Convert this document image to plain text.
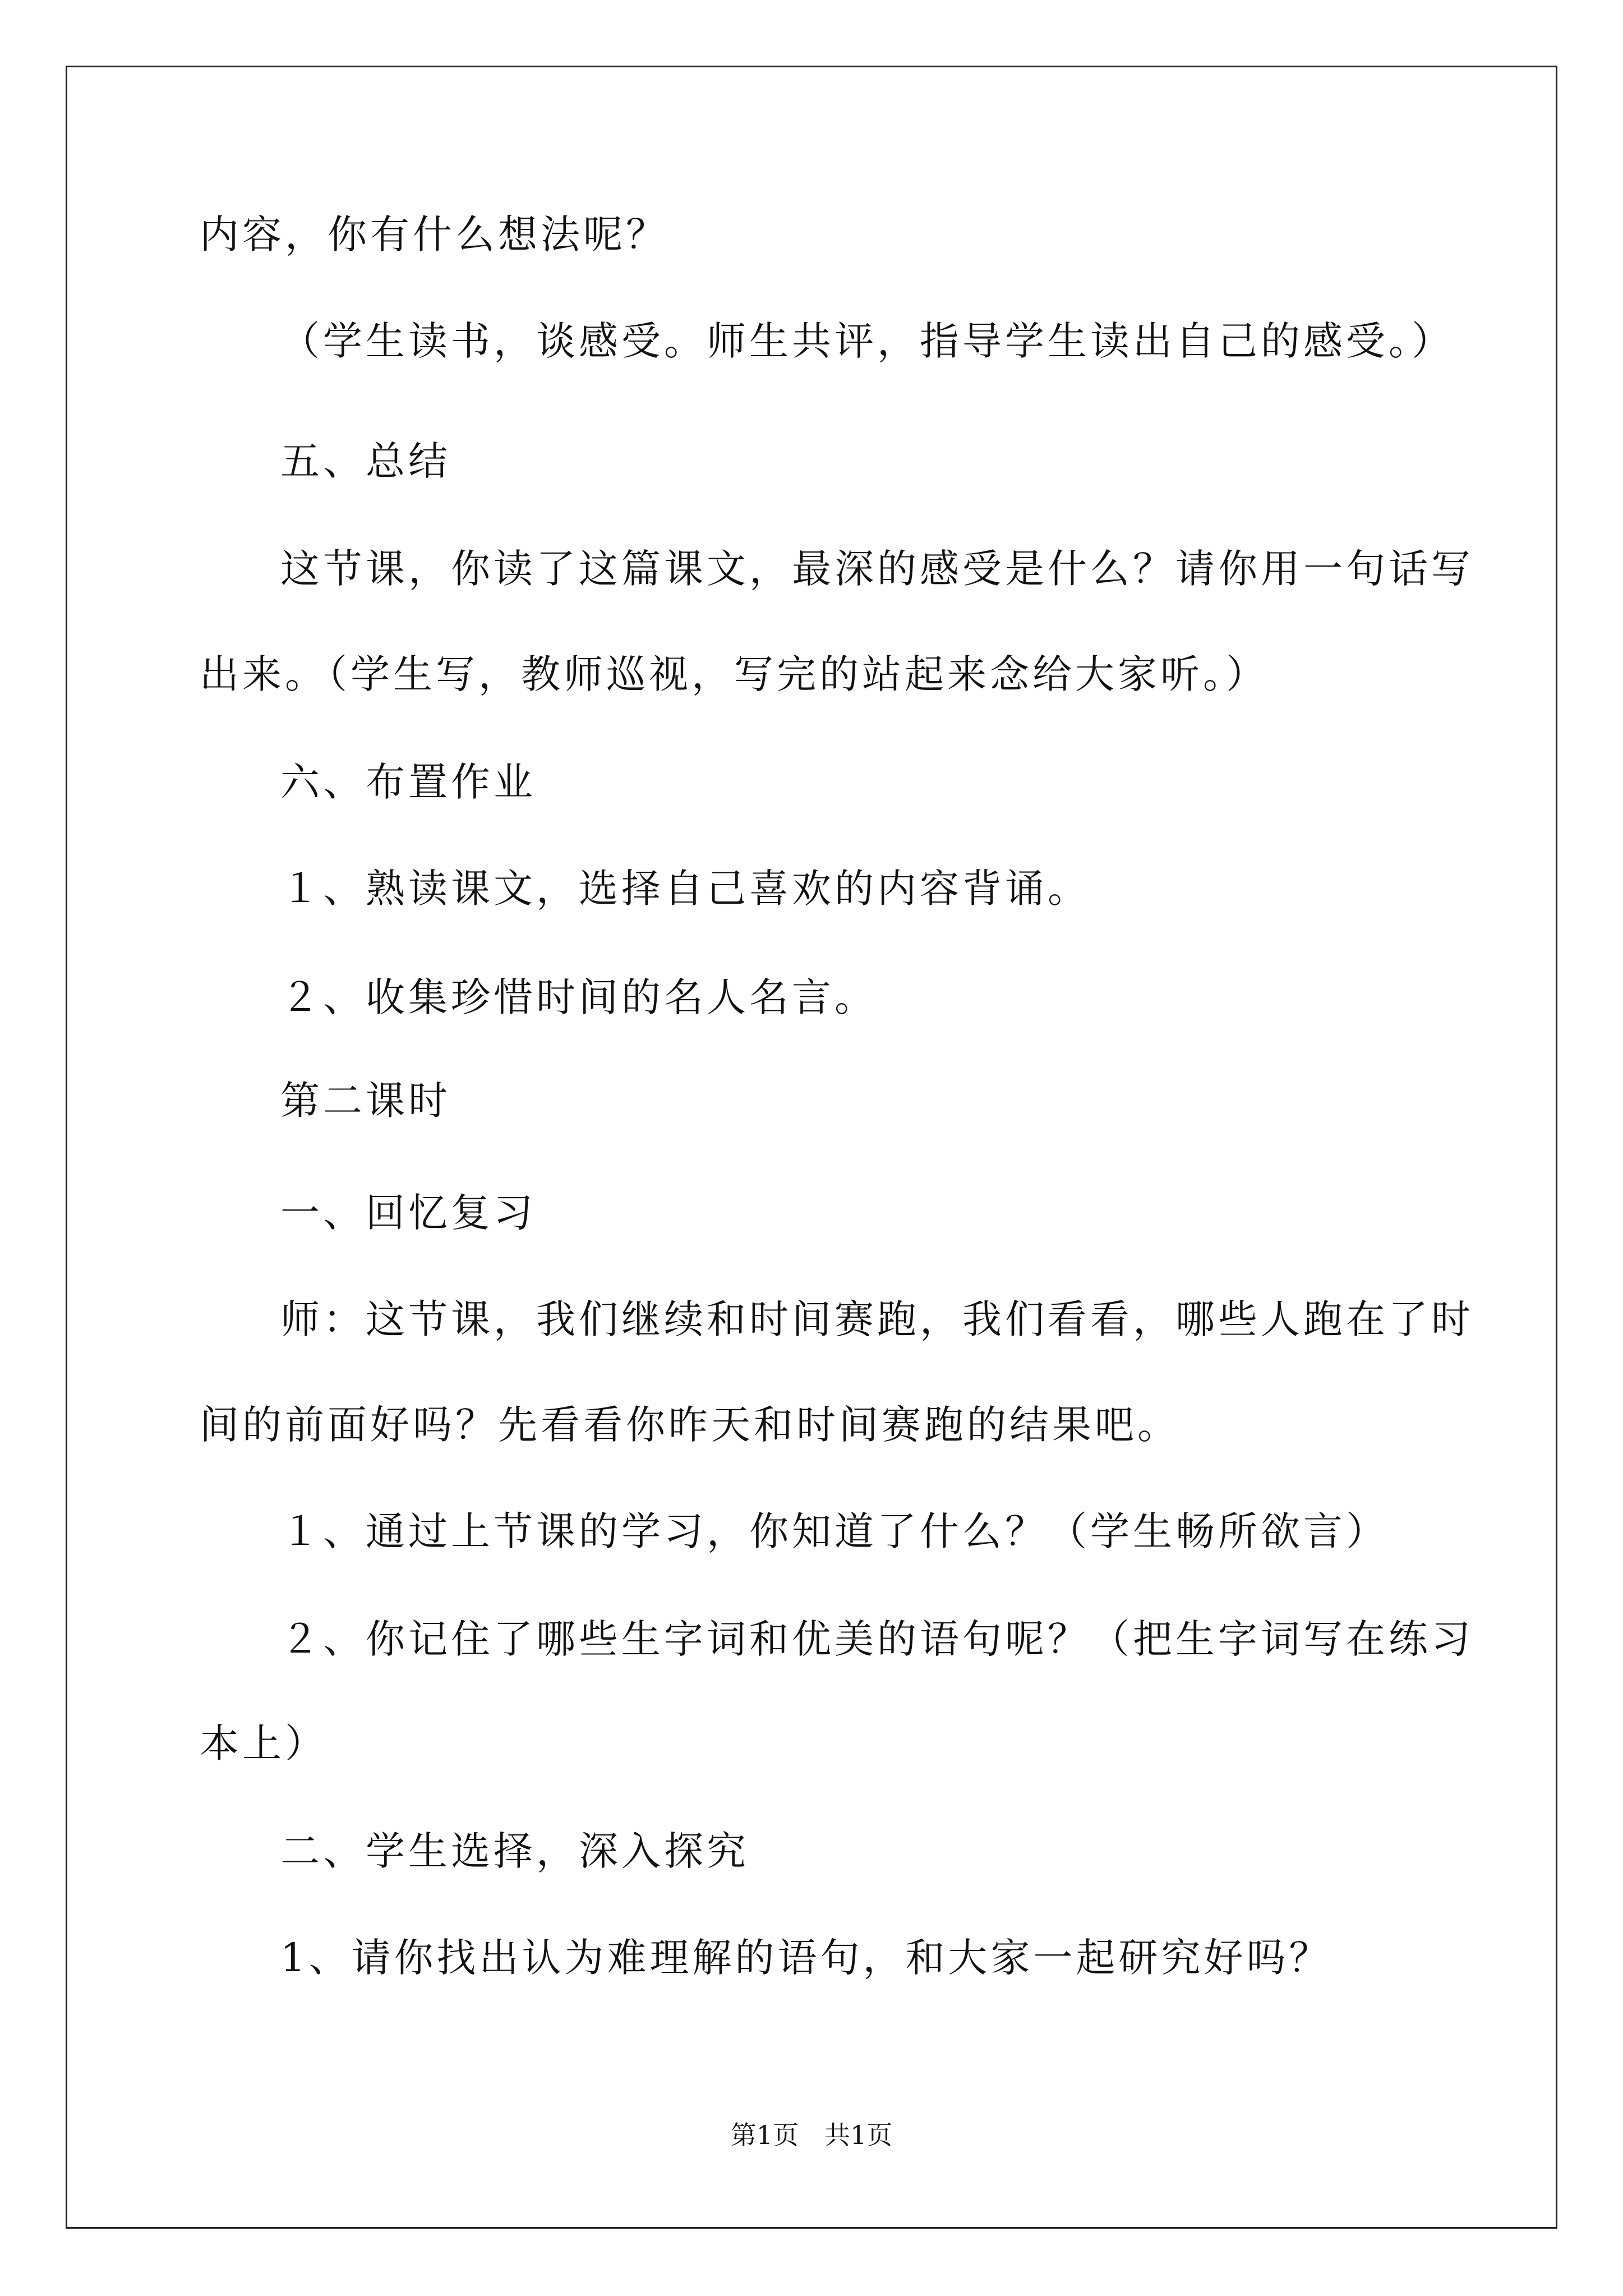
内容，你有什么想法呢？

（学生读书，谈感受。师生共评，指导学生读出自己的感受。）

五、总结

这节课，你读了这篇课文，最深的感受是什么？请你用一句话写

出来。（学生写，教师巡视，写完的站起来念给大家听。）

六、布置作业

１、熟读课文，选择自己喜欢的内容背诵。

２、收集珍惜时间的名人名言。

第二课时

一、回忆复习

师：这节课，我们继续和时间赛跑，我们看看，哪些人跑在了时

间的前面好吗？先看看你昨天和时间赛跑的结果吧。

１、通过上节课的学习，你知道了什么？（学生畅所欲言）

２、你记住了哪些生字词和优美的语句呢？（把生字词写在练习

本上）

二、学生选择，深入探究

1、请你找出认为难理解的语句，和大家一起研究好吗？

第1页　共1页
